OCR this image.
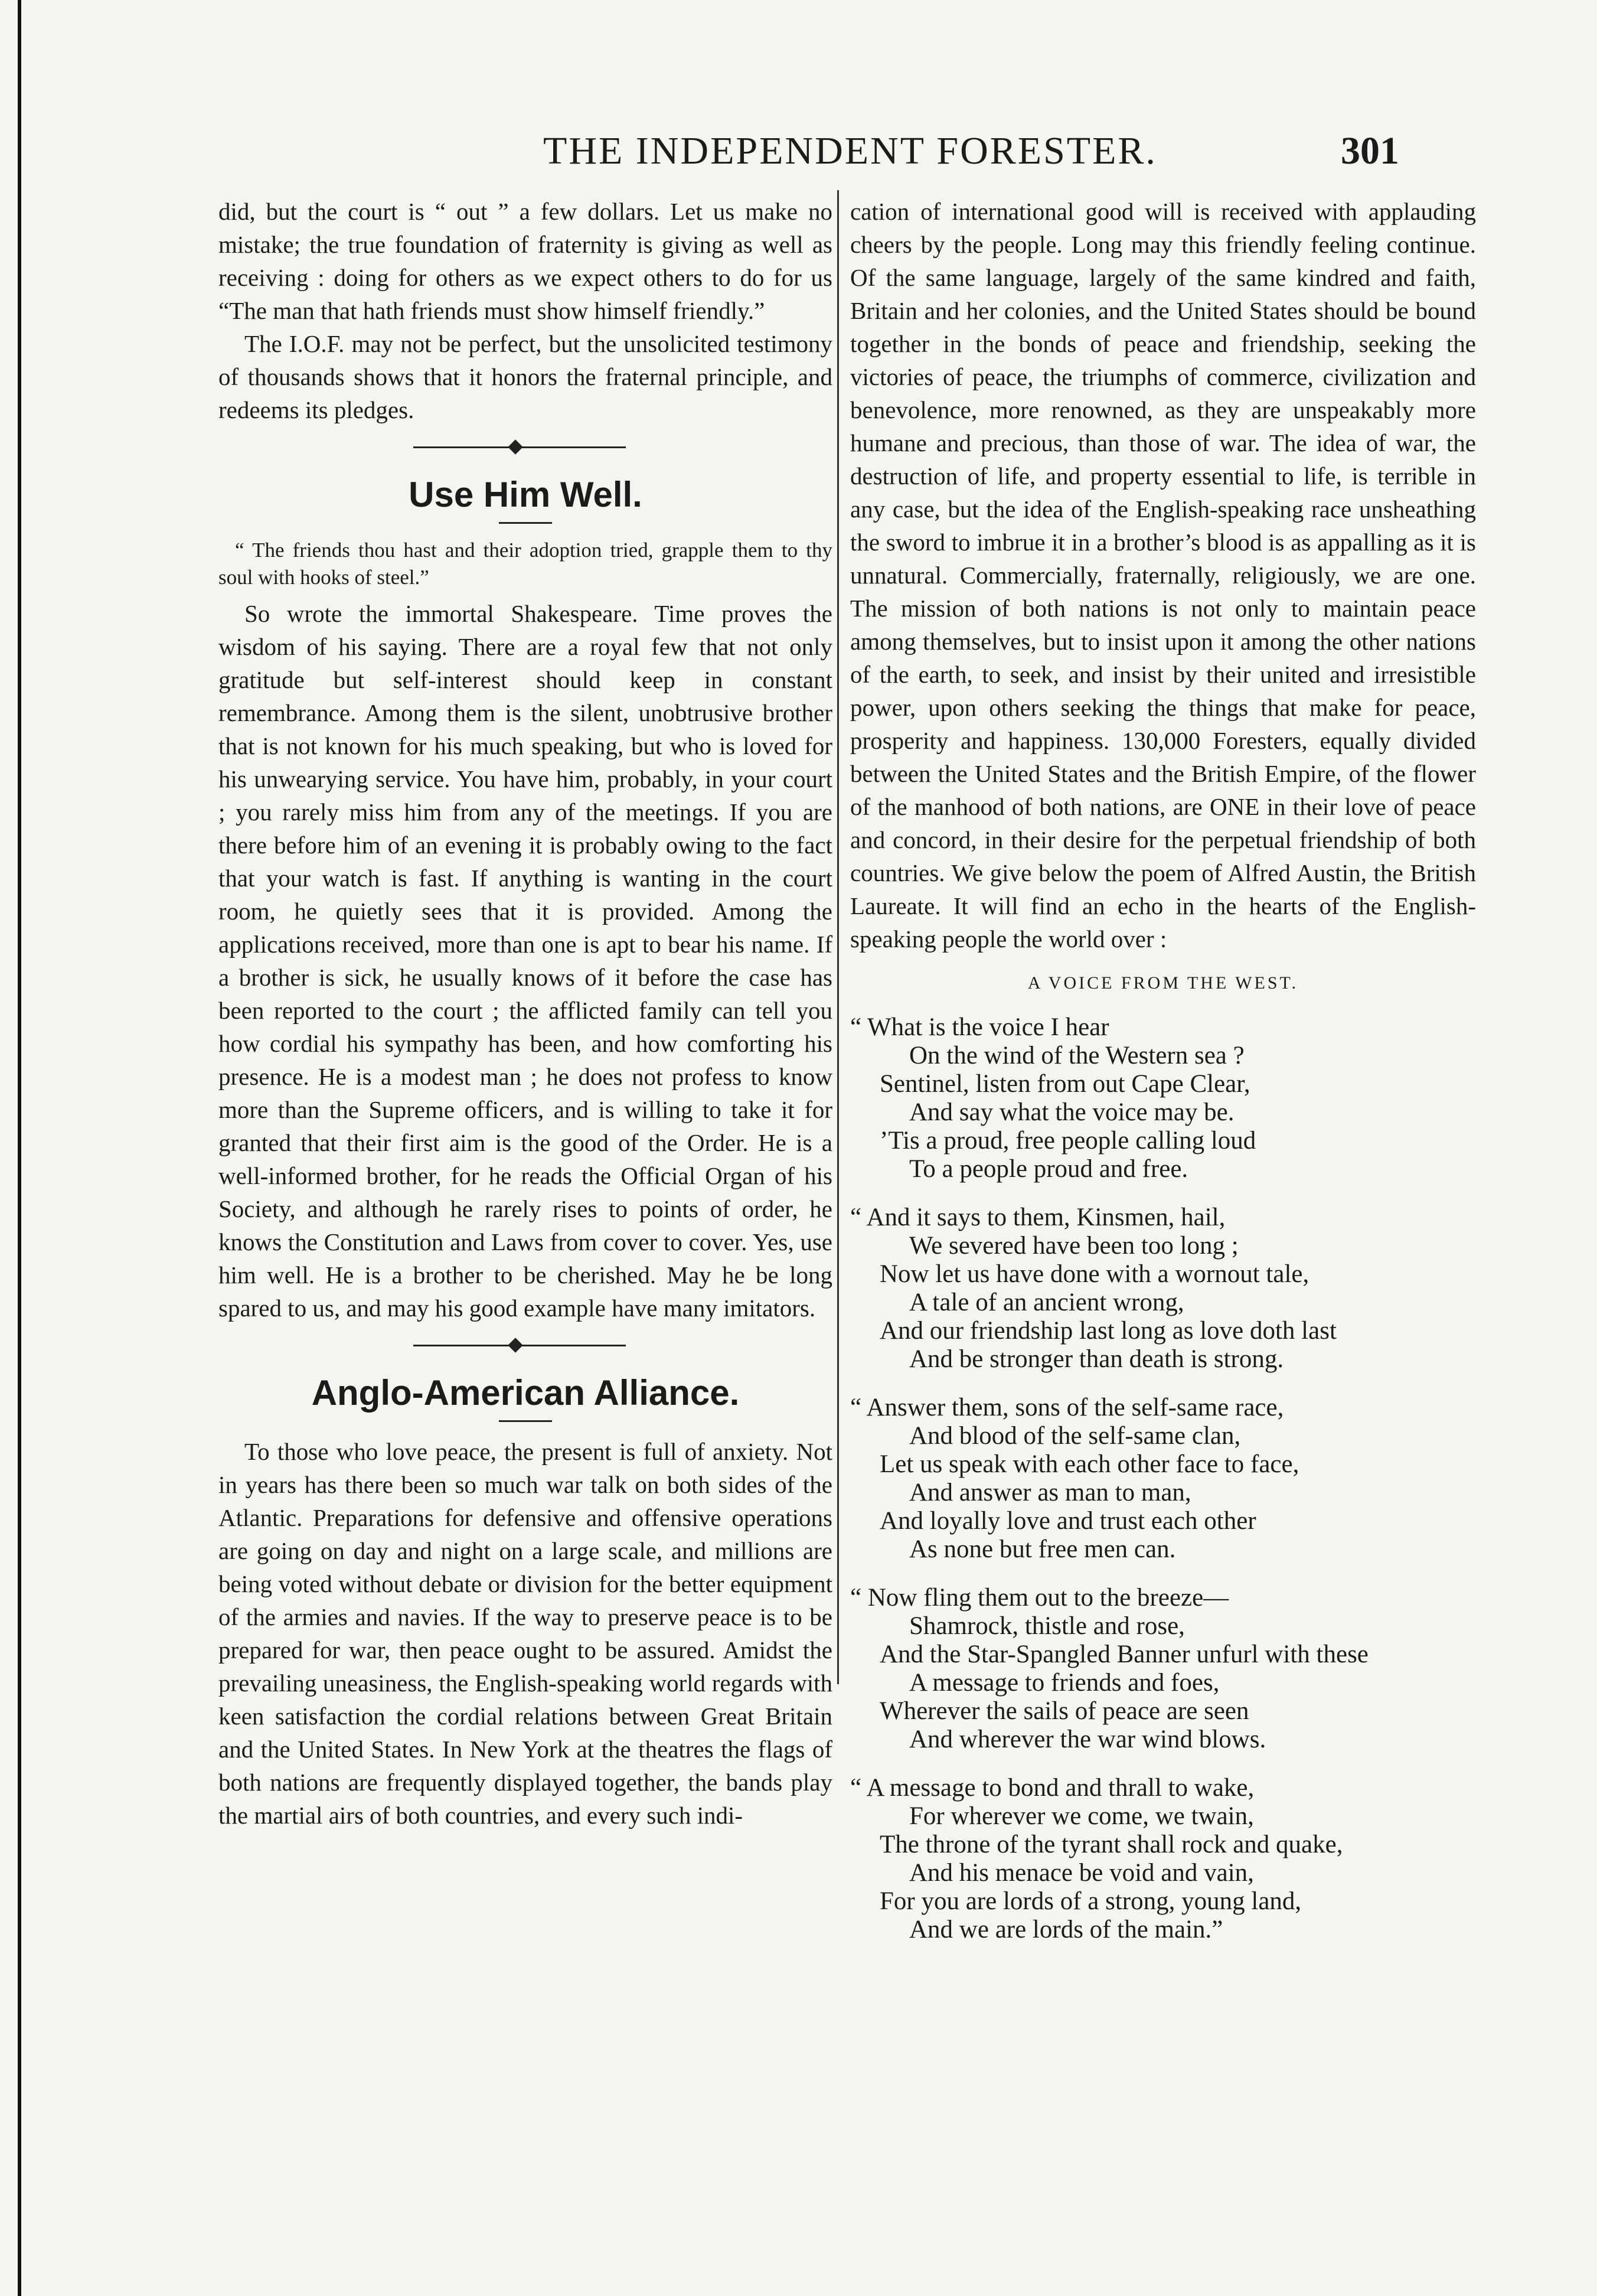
THE INDEPENDENT FORESTER.	301

did, but the court is “ out ” a few dollars. Let us make no mistake; the true foundation of fraternity is giving as well as receiving : doing for others as we expect others to do for us “The man that hath friends must show himself friendly.”

The I.O.F. may not be perfect, but the unsolicited testimony of thousands shows that it honors the fraternal principle, and redeems its pledges.

Use Him Well.

“ The friends thou hast and their adoption tried, grapple them to thy soul with hooks of steel.”

So wrote the immortal Shakespeare. Time proves the wisdom of his saying. There are a royal few that not only gratitude but self-interest should keep in constant remembrance. Among them is the silent, unobtrusive brother that is not known for his much speaking, but who is loved for his unwearying service. You have him, probably, in your court ; you rarely miss him from any of the meetings. If you are there before him of an evening it is probably owing to the fact that your watch is fast. If anything is wanting in the court room, he quietly sees that it is provided. Among the applications received, more than one is apt to bear his name. If a brother is sick, he usually knows of it before the case has been reported to the court ; the afflicted family can tell you how cordial his sympathy has been, and how comforting his presence. He is a modest man ; he does not profess to know more than the Supreme officers, and is willing to take it for granted that their first aim is the good of the Order. He is a well-informed brother, for he reads the Official Organ of his Society, and although he rarely rises to points of order, he knows the Constitution and Laws from cover to cover. Yes, use him well. He is a brother to be cherished. May he be long spared to us, and may his good example have many imitators.

Anglo-American Alliance.

To those who love peace, the present is full of anxiety. Not in years has there been so much war talk on both sides of the Atlantic. Preparations for defensive and offensive operations are going on day and night on a large scale, and millions are being voted without debate or division for the better equipment of the armies and navies. If the way to preserve peace is to be prepared for war, then peace ought to be assured. Amidst the prevailing uneasiness, the English-speaking world regards with keen satisfaction the cordial relations between Great Britain and the United States. In New York at the theatres the flags of both nations are frequently displayed together, the bands play the martial airs of both countries, and every such indi-

cation of international good will is received with applauding cheers by the people. Long may this friendly feeling continue. Of the same language, largely of the same kindred and faith, Britain and her colonies, and the United States should be bound together in the bonds of peace and friendship, seeking the victories of peace, the triumphs of commerce, civilization and benevolence, more renowned, as they are unspeakably more humane and precious, than those of war. The idea of war, the destruction of life, and property essential to life, is terrible in any case, but the idea of the English-speaking race unsheathing the sword to imbrue it in a brother’s blood is as appalling as it is unnatural. Commercially, fraternally, religiously, we are one. The mission of both nations is not only to maintain peace among themselves, but to insist upon it among the other nations of the earth, to seek, and insist by their united and irresistible power, upon others seeking the things that make for peace, prosperity and happiness. 130,000 Foresters, equally divided between the United States and the British Empire, of the flower of the manhood of both nations, are ONE in their love of peace and concord, in their desire for the perpetual friendship of both countries. We give below the poem of Alfred Austin, the British Laureate. It will find an echo in the hearts of the English-speaking people the world over :

A VOICE FROM THE WEST.
“ What is the voice I hear
On the wind of the Western sea ?
Sentinel, listen from out Cape Clear,
And say what the voice may be.
’Tis a proud, free people calling loud
To a people proud and free.
“ And it says to them, Kinsmen, hail,
We severed have been too long ;
Now let us have done with a wornout tale,
A tale of an ancient wrong,
And our friendship last long as love doth last
And be stronger than death is strong.
“ Answer them, sons of the self-same race,
And blood of the self-same clan,
Let us speak with each other face to face,
And answer as man to man,
And loyally love and trust each other
As none but free men can.
“ Now fling them out to the breeze—
Shamrock, thistle and rose,
And the Star-Spangled Banner unfurl with these
A message to friends and foes,
Wherever the sails of peace are seen
And wherever the war wind blows.
“ A message to bond and thrall to wake,
For wherever we come, we twain,
The throne of the tyrant shall rock and quake,
And his menace be void and vain,
For you are lords of a strong, young land,
And we are lords of the main.”
